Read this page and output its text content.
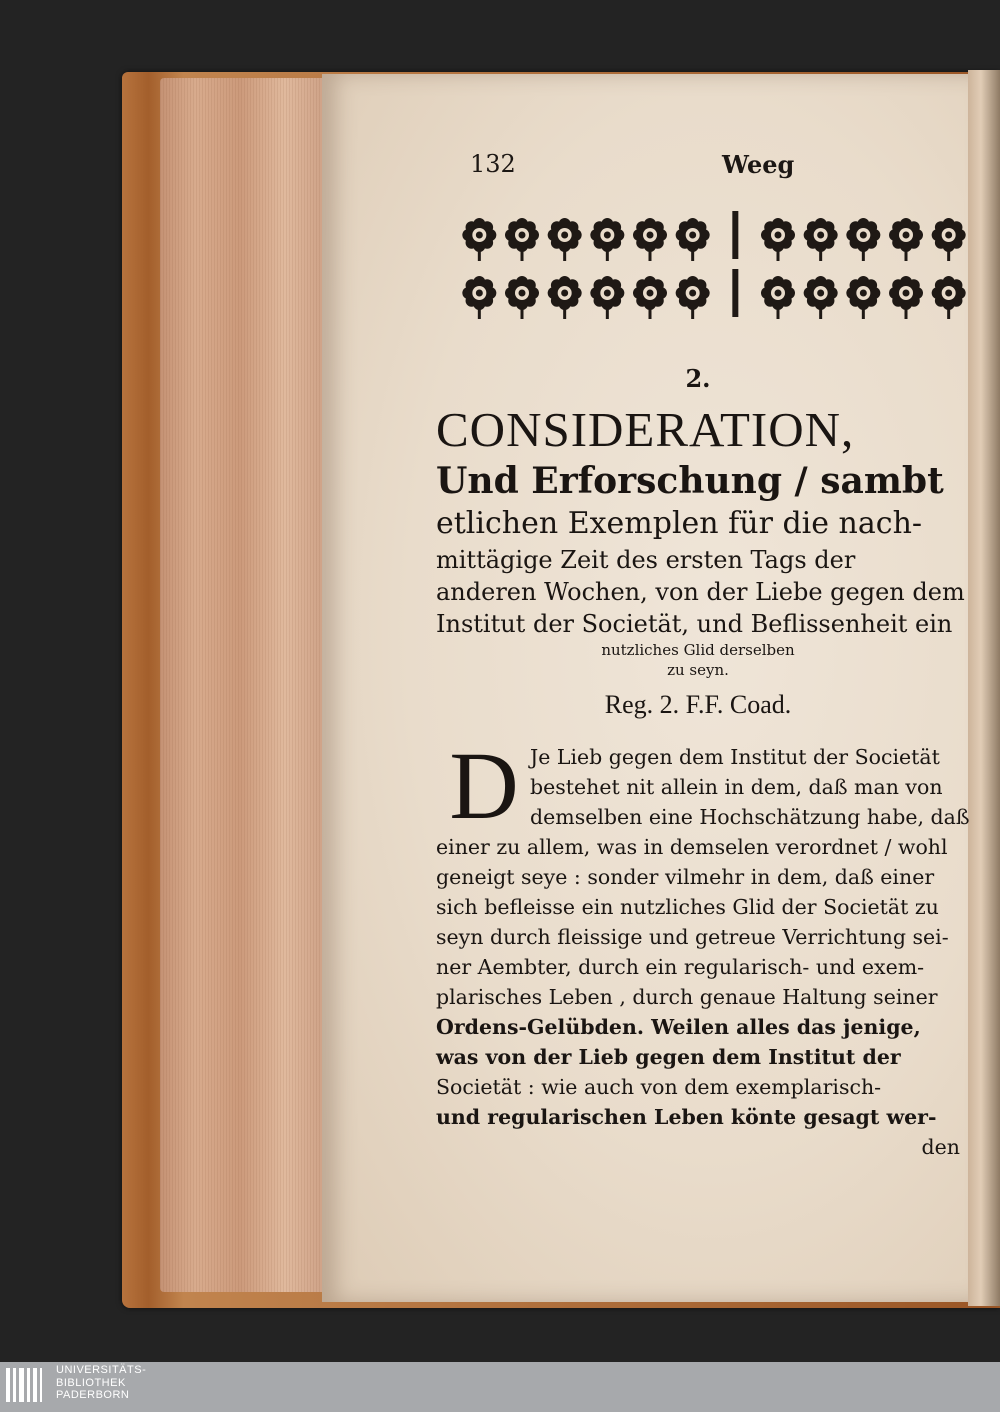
132	Weeg
2.
CONSIDERATION,
Und Erforschung / sambt
etlichen Exemplen für die nach-
mittägige Zeit des ersten Tags der
anderen Wochen, von der Liebe gegen dem
Institut der Societät, und Beflissenheit ein
nutzliches Glid derselben
zu seyn.
Reg. 2. F.F. Coad.
D Je Lieb gegen dem Institut der Societät
bestehet nit allein in dem, daß man von
demselben eine Hochschätzung habe, daß
einer zu allem, was in demselen verordnet / wohl
geneigt seye : sonder vilmehr in dem, daß einer
sich befleisse ein nutzliches Glid der Societät zu
seyn durch fleissige und getreue Verrichtung sei-
ner Aembter, durch ein regularisch- und exem-
plarisches Leben , durch genaue Haltung seiner
Ordens-Gelübden. Weilen alles das jenige,
was von der Lieb gegen dem Institut der
Societät : wie auch von dem exemplarisch-
und regularischen Leben könte gesagt wer-
den
UNIVERSITÄTS-
BIBLIOTHEK
PADERBORN
